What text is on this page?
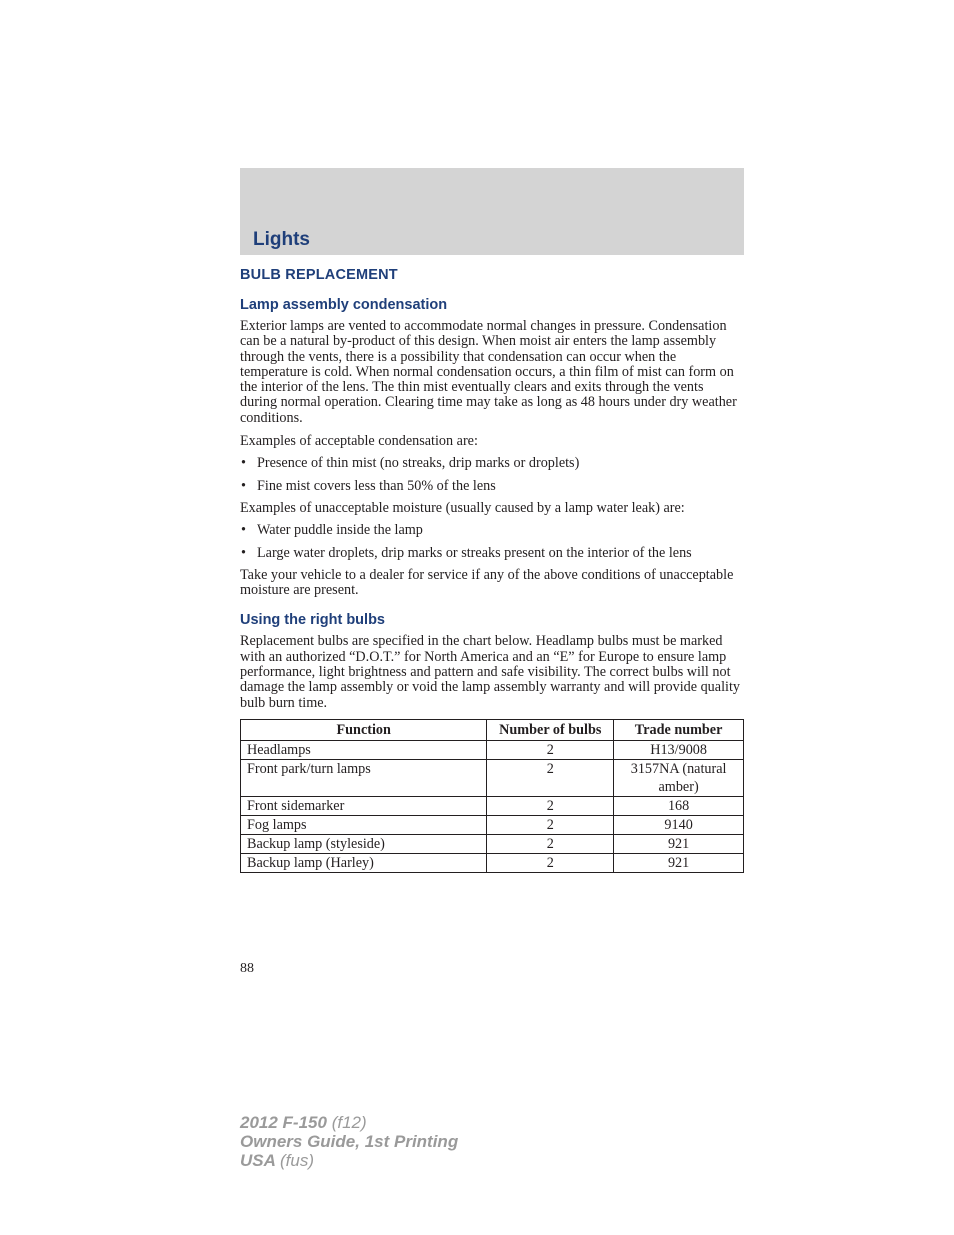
Lights
BULB REPLACEMENT
Lamp assembly condensation

Exterior lamps are vented to accommodate normal changes in pressure. Condensation can be a natural by-product of this design. When moist air enters the lamp assembly through the vents, there is a possibility that condensation can occur when the temperature is cold. When normal condensation occurs, a thin film of mist can form on the interior of the lens. The thin mist eventually clears and exits through the vents during normal operation. Clearing time may take as long as 48 hours under dry weather conditions.

Examples of acceptable condensation are:

• Presence of thin mist (no streaks, drip marks or droplets)
• Fine mist covers less than 50% of the lens

Examples of unacceptable moisture (usually caused by a lamp water leak) are:

• Water puddle inside the lamp
• Large water droplets, drip marks or streaks present on the interior of the lens

Take your vehicle to a dealer for service if any of the above conditions of unacceptable moisture are present.

Using the right bulbs

Replacement bulbs are specified in the chart below. Headlamp bulbs must be marked with an authorized “D.O.T.” for North America and an “E” for Europe to ensure lamp performance, light brightness and pattern and safe visibility. The correct bulbs will not damage the lamp assembly or void the lamp assembly warranty and will provide quality bulb burn time.

Function	Number of bulbs	Trade number
Headlamps	2	H13/9008
Front park/turn lamps	2	3157NA (natural amber)
Front sidemarker	2	168
Fog lamps	2	9140
Backup lamp (styleside)	2	921
Backup lamp (Harley)	2	921
88
2012 F-150 (f12)
Owners Guide, 1st Printing
USA (fus)
